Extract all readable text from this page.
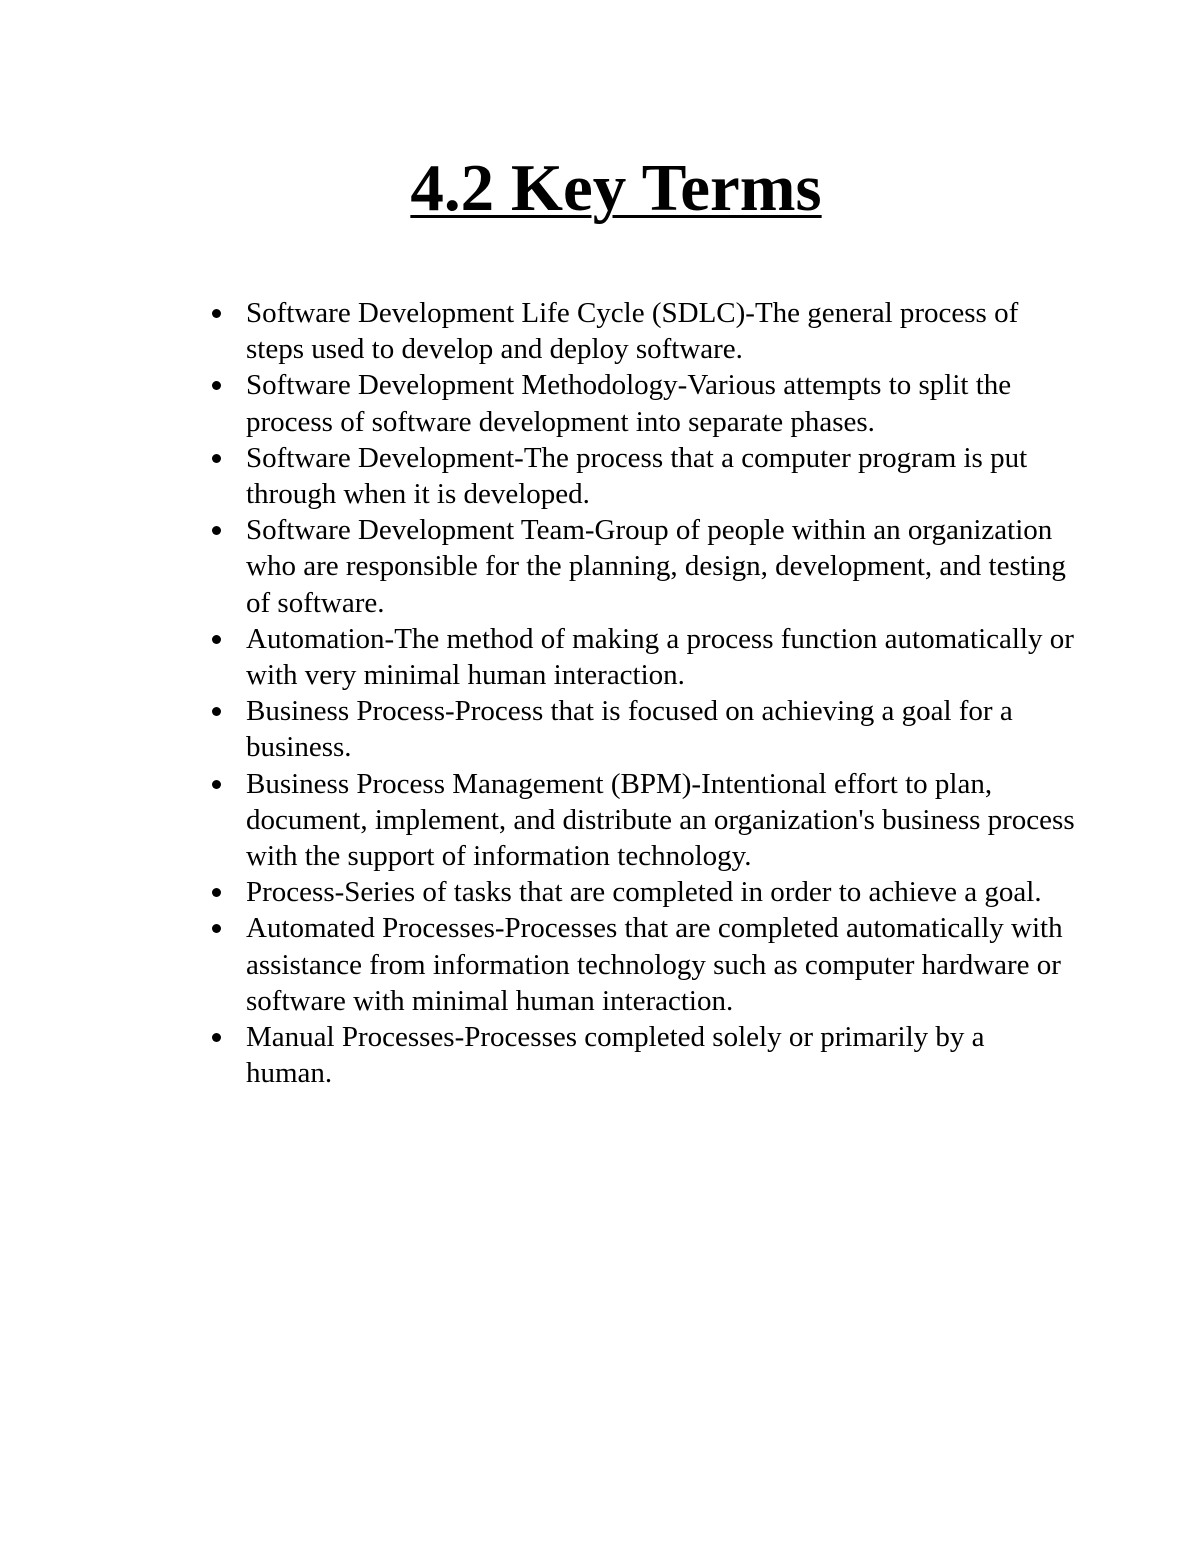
4.2 Key Terms
Software Development Life Cycle (SDLC)-The general process of steps used to develop and deploy software.
Software Development Methodology-Various attempts to split the process of software development into separate phases.
Software Development-The process that a computer program is put through when it is developed.
Software Development Team-Group of people within an organization who are responsible for the planning, design, development, and testing of software.
Automation-The method of making a process function automatically or with very minimal human interaction.
Business Process-Process that is focused on achieving a goal for a business.
Business Process Management (BPM)-Intentional effort to plan, document, implement, and distribute an organization's business process with the support of information technology.
Process-Series of tasks that are completed in order to achieve a goal.
Automated Processes-Processes that are completed automatically with assistance from information technology such as computer hardware or software with minimal human interaction.
Manual Processes-Processes completed solely or primarily by a human.
